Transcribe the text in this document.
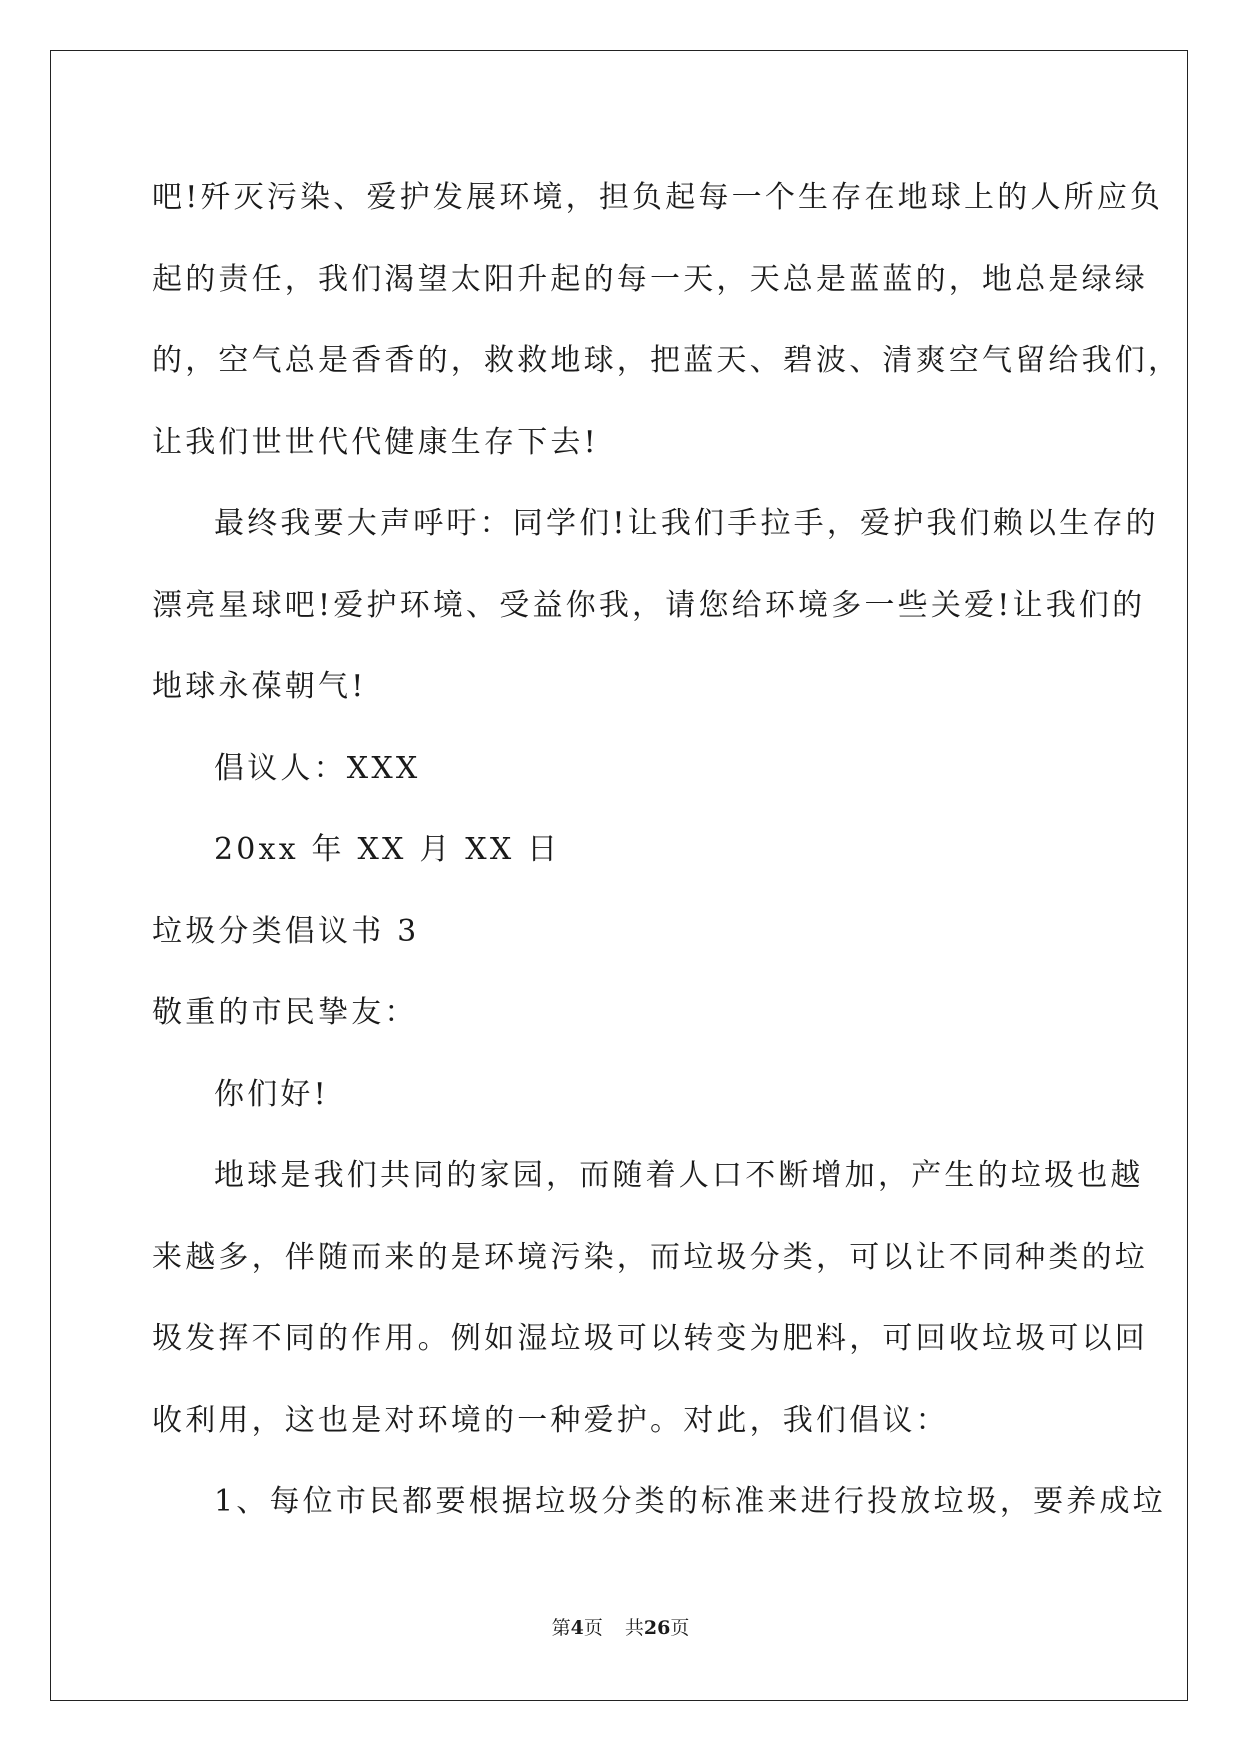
吧!歼灭污染、爱护发展环境，担负起每一个生存在地球上的人所应负
起的责任，我们渴望太阳升起的每一天，天总是蓝蓝的，地总是绿绿
的，空气总是香香的，救救地球，把蓝天、碧波、清爽空气留给我们，
让我们世世代代健康生存下去!
最终我要大声呼吁：同学们!让我们手拉手，爱护我们赖以生存的
漂亮星球吧!爱护环境、受益你我，请您给环境多一些关爱!让我们的
地球永葆朝气!
倡议人：XXX
20xx 年 XX 月 XX 日
垃圾分类倡议书 3
敬重的市民挚友：
你们好!
地球是我们共同的家园，而随着人口不断增加，产生的垃圾也越
来越多，伴随而来的是环境污染，而垃圾分类，可以让不同种类的垃
圾发挥不同的作用。例如湿垃圾可以转变为肥料，可回收垃圾可以回
收利用，这也是对环境的一种爱护。对此，我们倡议：
1、每位市民都要根据垃圾分类的标准来进行投放垃圾，要养成垃
第4页 共26页
